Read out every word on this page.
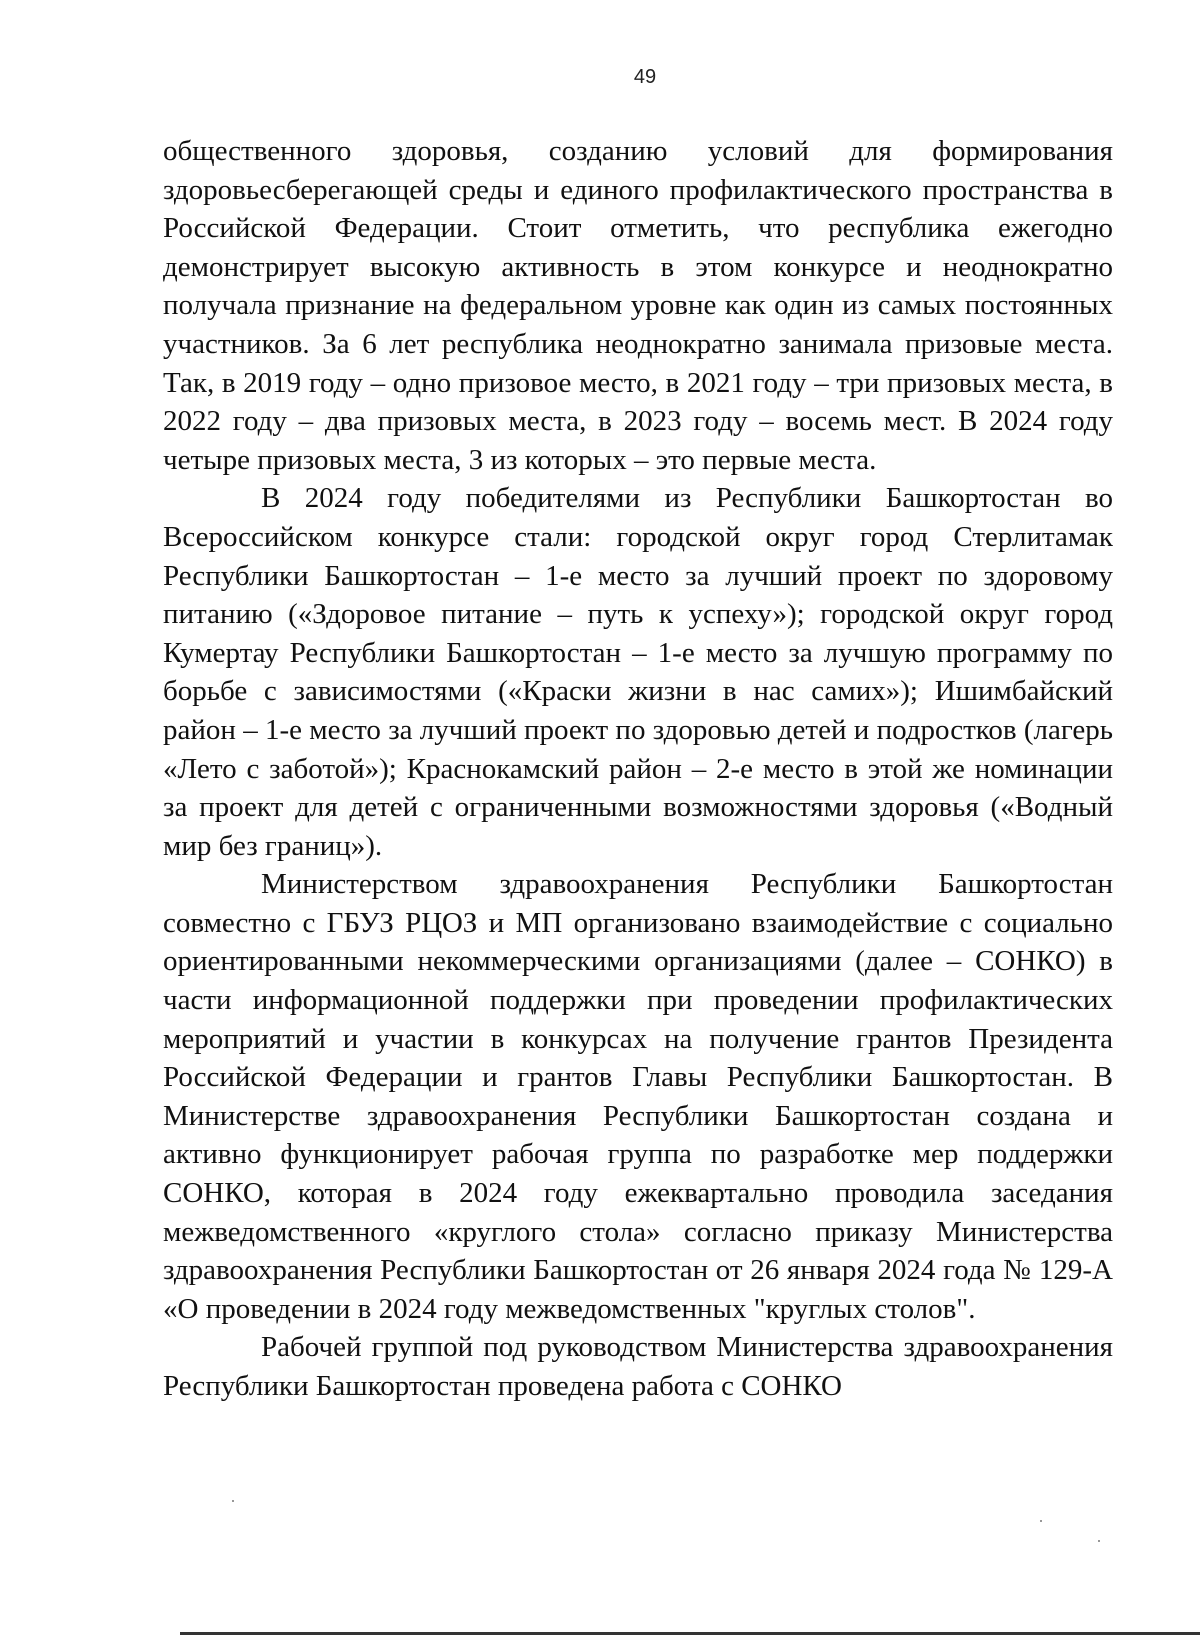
49

общественного здоровья, созданию условий для формирования здоровьесберегающей среды и единого профилактического пространства в Российской Федерации. Стоит отметить, что республика ежегодно демонстрирует высокую активность в этом конкурсе и неоднократно получала признание на федеральном уровне как один из самых постоянных участников. За 6 лет республика неоднократно занимала призовые места. Так, в 2019 году – одно призовое место, в 2021 году – три призовых места, в 2022 году – два призовых места, в 2023 году – восемь мест. В 2024 году четыре призовых места, 3 из которых – это первые места.

В 2024 году победителями из Республики Башкортостан во Всероссийском конкурсе стали: городской округ город Стерлитамак Республики Башкортостан – 1-е место за лучший проект по здоровому питанию («Здоровое питание – путь к успеху»); городской округ город Кумертау Республики Башкортостан – 1-е место за лучшую программу по борьбе с зависимостями («Краски жизни в нас самих»); Ишимбайский район – 1-е место за лучший проект по здоровью детей и подростков (лагерь «Лето с заботой»); Краснокамский район – 2-е место в этой же номинации за проект для детей с ограниченными возможностями здоровья («Водный мир без границ»).

Министерством здравоохранения Республики Башкортостан совместно с ГБУЗ РЦОЗ и МП организовано взаимодействие с социально ориентированными некоммерческими организациями (далее – СОНКО) в части информационной поддержки при проведении профилактических мероприятий и участии в конкурсах на получение грантов Президента Российской Федерации и грантов Главы Республики Башкортостан. В Министерстве здравоохранения Республики Башкортостан создана и активно функционирует рабочая группа по разработке мер поддержки СОНКО, которая в 2024 году ежеквартально проводила заседания межведомственного «круглого стола» согласно приказу Министерства здравоохранения Республики Башкортостан от 26 января 2024 года № 129-А «О проведении в 2024 году межведомственных "круглых столов".

Рабочей группой под руководством Министерства здравоохранения Республики Башкортостан проведена работа с СОНКО
